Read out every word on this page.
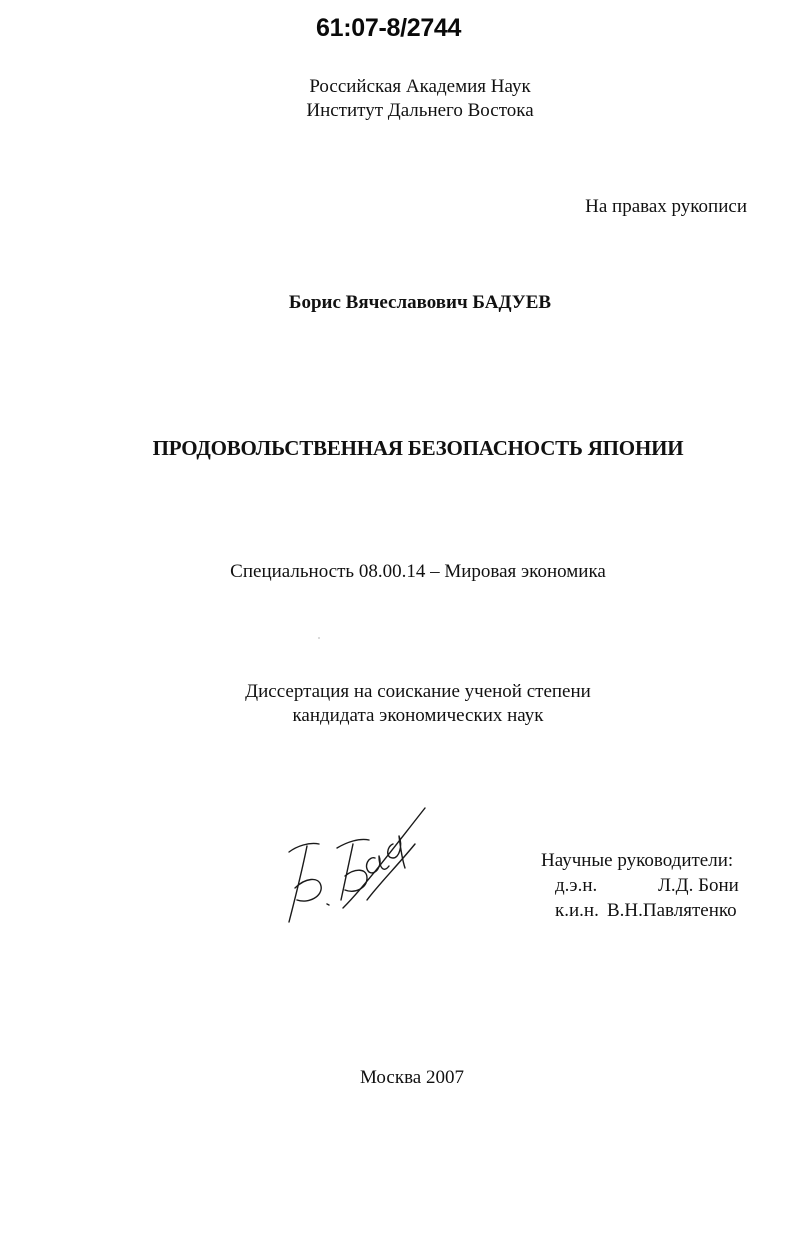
61:07-8/2744
Российская Академия Наук
Институт Дальнего Востока
На правах рукописи
Борис Вячеславович БАДУЕВ
ПРОДОВОЛЬСТВЕННАЯ БЕЗОПАСНОСТЬ ЯПОНИИ
Специальность 08.00.14 – Мировая экономика
Диссертация на соискание ученой степени
кандидата экономических наук
Научные руководители:
д.э.н.	Л.Д. Бони
к.и.н. В.Н.Павлятенко
Москва 2007
